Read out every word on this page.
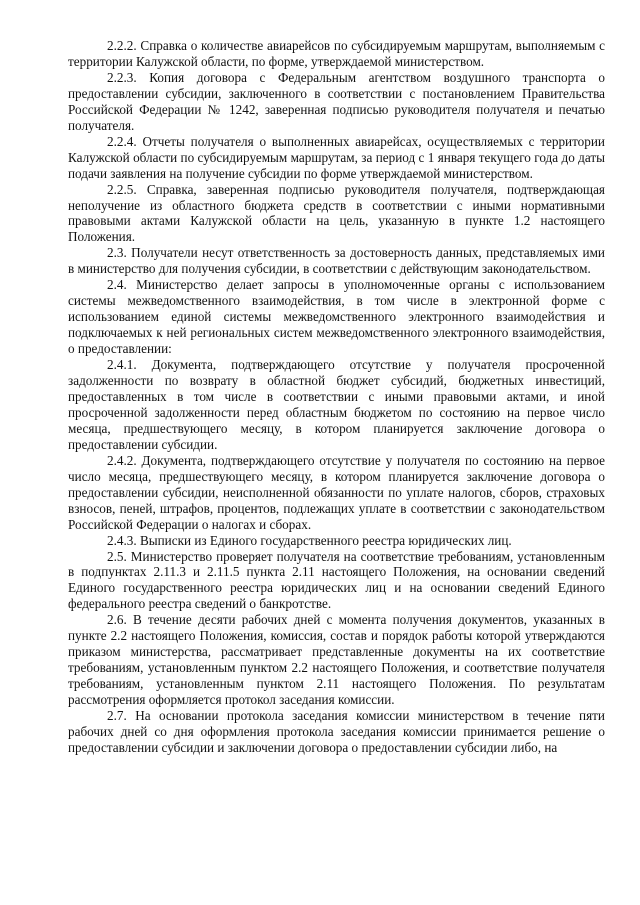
2.2.2. Справка о количестве авиарейсов по субсидируемым маршрутам, выполняемым с территории Калужской области, по форме, утверждаемой министерством.

2.2.3. Копия договора с Федеральным агентством воздушного транспорта о предоставлении субсидии, заключенного в соответствии с постановлением Правительства Российской Федерации № 1242, заверенная подписью руководителя получателя и печатью получателя.

2.2.4. Отчеты получателя о выполненных авиарейсах, осуществляемых с территории Калужской области по субсидируемым маршрутам, за период с 1 января текущего года до даты подачи заявления на получение субсидии по форме утверждаемой министерством.

2.2.5. Справка, заверенная подписью руководителя получателя, подтверждающая неполучение из областного бюджета средств в соответствии с иными нормативными правовыми актами Калужской области на цель, указанную в пункте 1.2 настоящего Положения.

2.3. Получатели несут ответственность за достоверность данных, представляемых ими в министерство для получения субсидии, в соответствии с действующим законодательством.

2.4. Министерство делает запросы в уполномоченные органы с использованием системы межведомственного взаимодействия, в том числе в электронной форме с использованием единой системы межведомственного электронного взаимодействия и подключаемых к ней региональных систем межведомственного электронного взаимодействия, о предоставлении:

2.4.1. Документа, подтверждающего отсутствие у получателя просроченной задолженности по возврату в областной бюджет субсидий, бюджетных инвестиций, предоставленных в том числе в соответствии с иными правовыми актами, и иной просроченной задолженности перед областным бюджетом по состоянию на первое число месяца, предшествующего месяцу, в котором планируется заключение договора о предоставлении субсидии.

2.4.2. Документа, подтверждающего отсутствие у получателя по состоянию на первое число месяца, предшествующего месяцу, в котором планируется заключение договора о предоставлении субсидии, неисполненной обязанности по уплате налогов, сборов, страховых взносов, пеней, штрафов, процентов, подлежащих уплате в соответствии с законодательством Российской Федерации о налогах и сборах.

2.4.3. Выписки из Единого государственного реестра юридических лиц.

2.5. Министерство проверяет получателя на соответствие требованиям, установленным в подпунктах 2.11.3 и 2.11.5 пункта 2.11 настоящего Положения, на основании сведений Единого государственного реестра юридических лиц и на основании сведений Единого федерального реестра сведений о банкротстве.

2.6. В течение десяти рабочих дней с момента получения документов, указанных в пункте 2.2 настоящего Положения, комиссия, состав и порядок работы которой утверждаются приказом министерства, рассматривает представленные документы на их соответствие требованиям, установленным пунктом 2.2 настоящего Положения, и соответствие получателя требованиям, установленным пунктом 2.11 настоящего Положения. По результатам рассмотрения оформляется протокол заседания комиссии.

2.7. На основании протокола заседания комиссии министерством в течение пяти рабочих дней со дня оформления протокола заседания комиссии принимается решение о предоставлении субсидии и заключении договора о предоставлении субсидии либо, на
